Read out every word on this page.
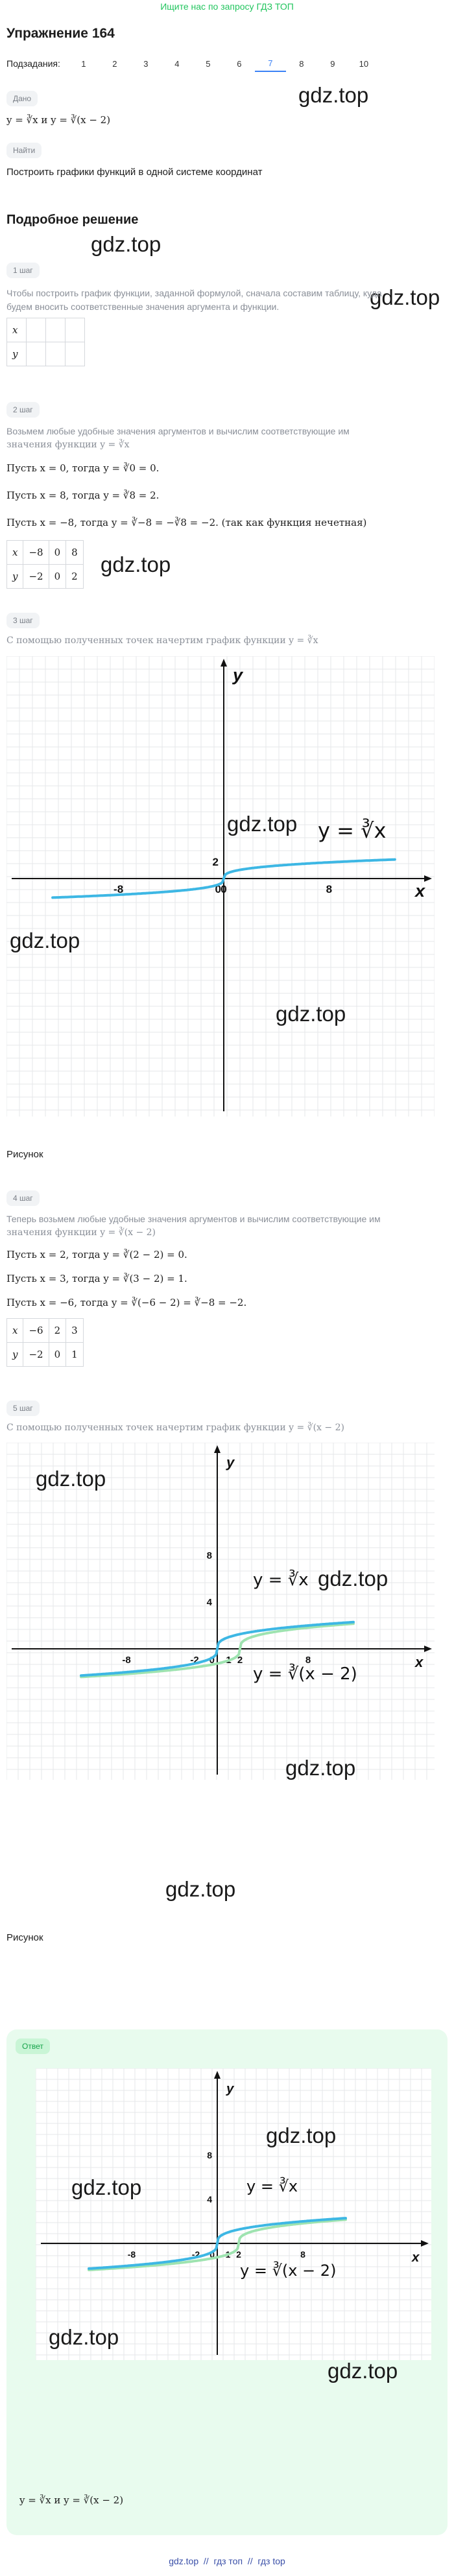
Ищите нас по запросу ГДЗ ТОП
Упражнение 164
Подзадания:	1	2	3	4	5	6	7	8	9	10
gdz.top
Дано
y = ∛x и y = ∛(x − 2)
Найти
Построить графики функций в одной системе координат
Подробное решение
gdz.top
1 шаг
gdz.top
Чтобы построить график функции, заданной формулой, сначала составим таблицу, куда
будем вносить соответственные значения аргумента и функции.
x			
y			
2 шаг
Возьмем любые удобные значения аргументов и вычислим соответствующие им
значения функции y = ∛x
Пусть x = 0, тогда y = ∛0 = 0.
Пусть x = 8, тогда y = ∛8 = 2.
Пусть x = −8, тогда y = ∛−8 = −∛8 = −2. (так как функция нечетная)
x	−8	0	8
y	−2	0	2 gdz.top
3 шаг
С помощью полученных точек начертим график функции y = ∛x
x
y
-8	0	8
0
2
y = ∛x
gdz.top
gdz.top
gdz.top
Рисунок
4 шаг
Теперь возьмем любые удобные значения аргументов и вычислим соответствующие им
значения функции y = ∛(x − 2)
Пусть x = 2, тогда y = ∛(2 − 2) = 0.
Пусть x = 3, тогда y = ∛(3 − 2) = 1.
Пусть x = −6, тогда y = ∛(−6 − 2) = ∛−8 = −2.
x	−6	2	3
y	−2	0	1
5 шаг
С помощью полученных точек начертим график функции y = ∛(x − 2)
x
y
-8	-2	1 2	8
0
4
8
y = ∛x
y = ∛(x − 2)
gdz.top
gdz.top
gdz.top
gdz.top
Рисунок
Ответ
x
y
-8	-2	1 2	8
0
4
8
y = ∛x
y = ∛(x − 2)
gdz.top
gdz.top
gdz.top
gdz.top
y = ∛x и y = ∛(x − 2)
gdz.top  //  гдз топ  //  гдз top
